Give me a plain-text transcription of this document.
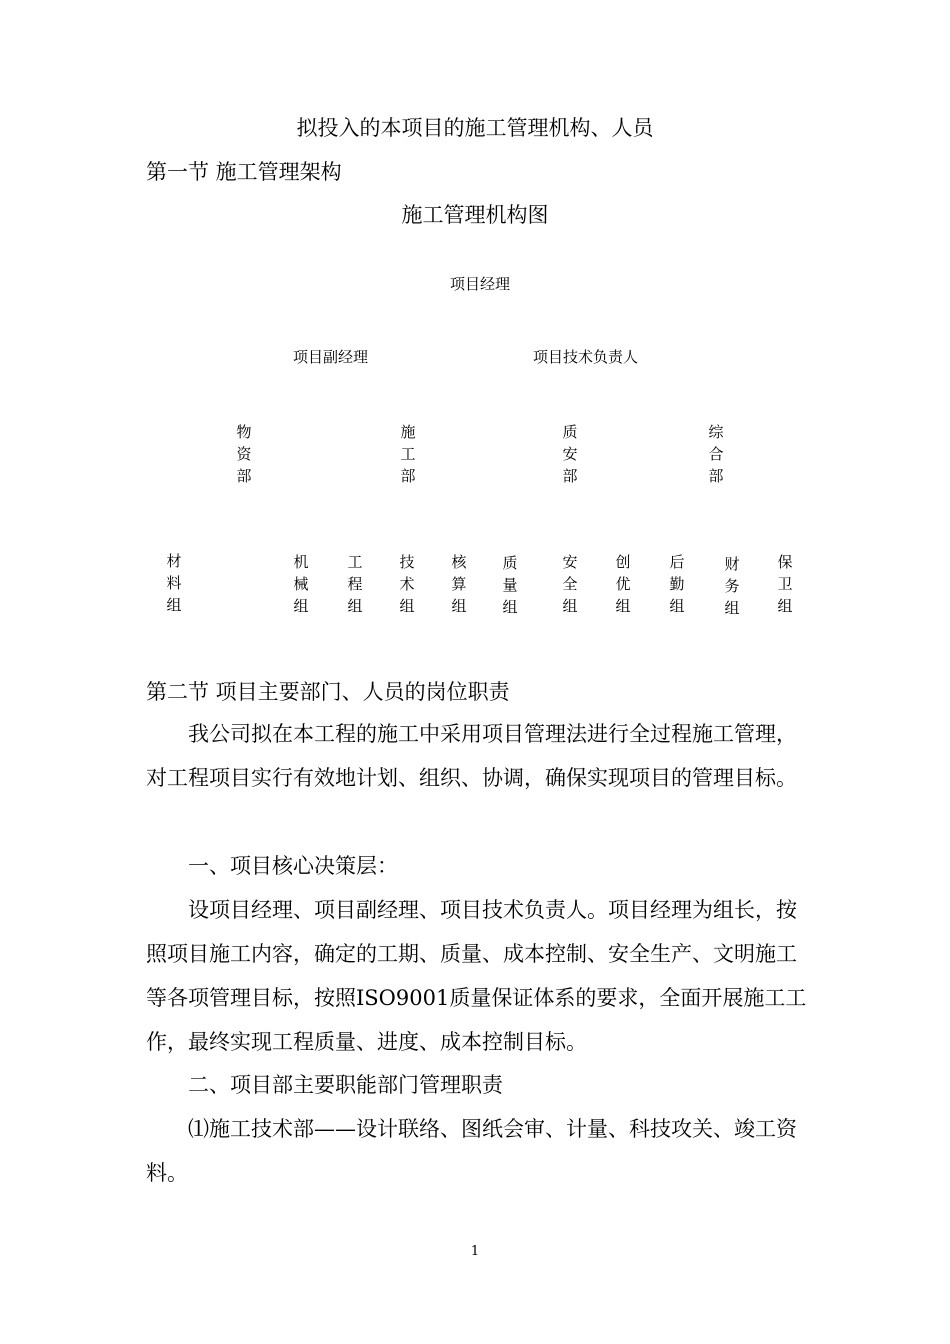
拟投入的本项目的施工管理机构、人员
第一节 施工管理架构
施工管理机构图
项目经理
项目副经理	项目技术负责人
物
资
部
施
工
部
质
安
部
综
合
部
材
料
组
机
械
组
工
程
组
技
术
组
核
算
组
质
量
组
安
全
组
创
优
组
后
勤
组
财
务
组
保
卫
组
第二节 项目主要部门、人员的岗位职责
我公司拟在本工程的施工中采用项目管理法进行全过程施工管理，对工程项目实行有效地计划、组织、协调，确保实现项目的管理目标。
一、项目核心决策层：
设项目经理、项目副经理、项目技术负责人。项目经理为组长，按照项目施工内容，确定的工期、质量、成本控制、安全生产、文明施工等各项管理目标，按照ISO9001质量保证体系的要求，全面开展施工工作，最终实现工程质量、进度、成本控制目标。
二、项目部主要职能部门管理职责
⑴施工技术部——设计联络、图纸会审、计量、科技攻关、竣工资料。
1
